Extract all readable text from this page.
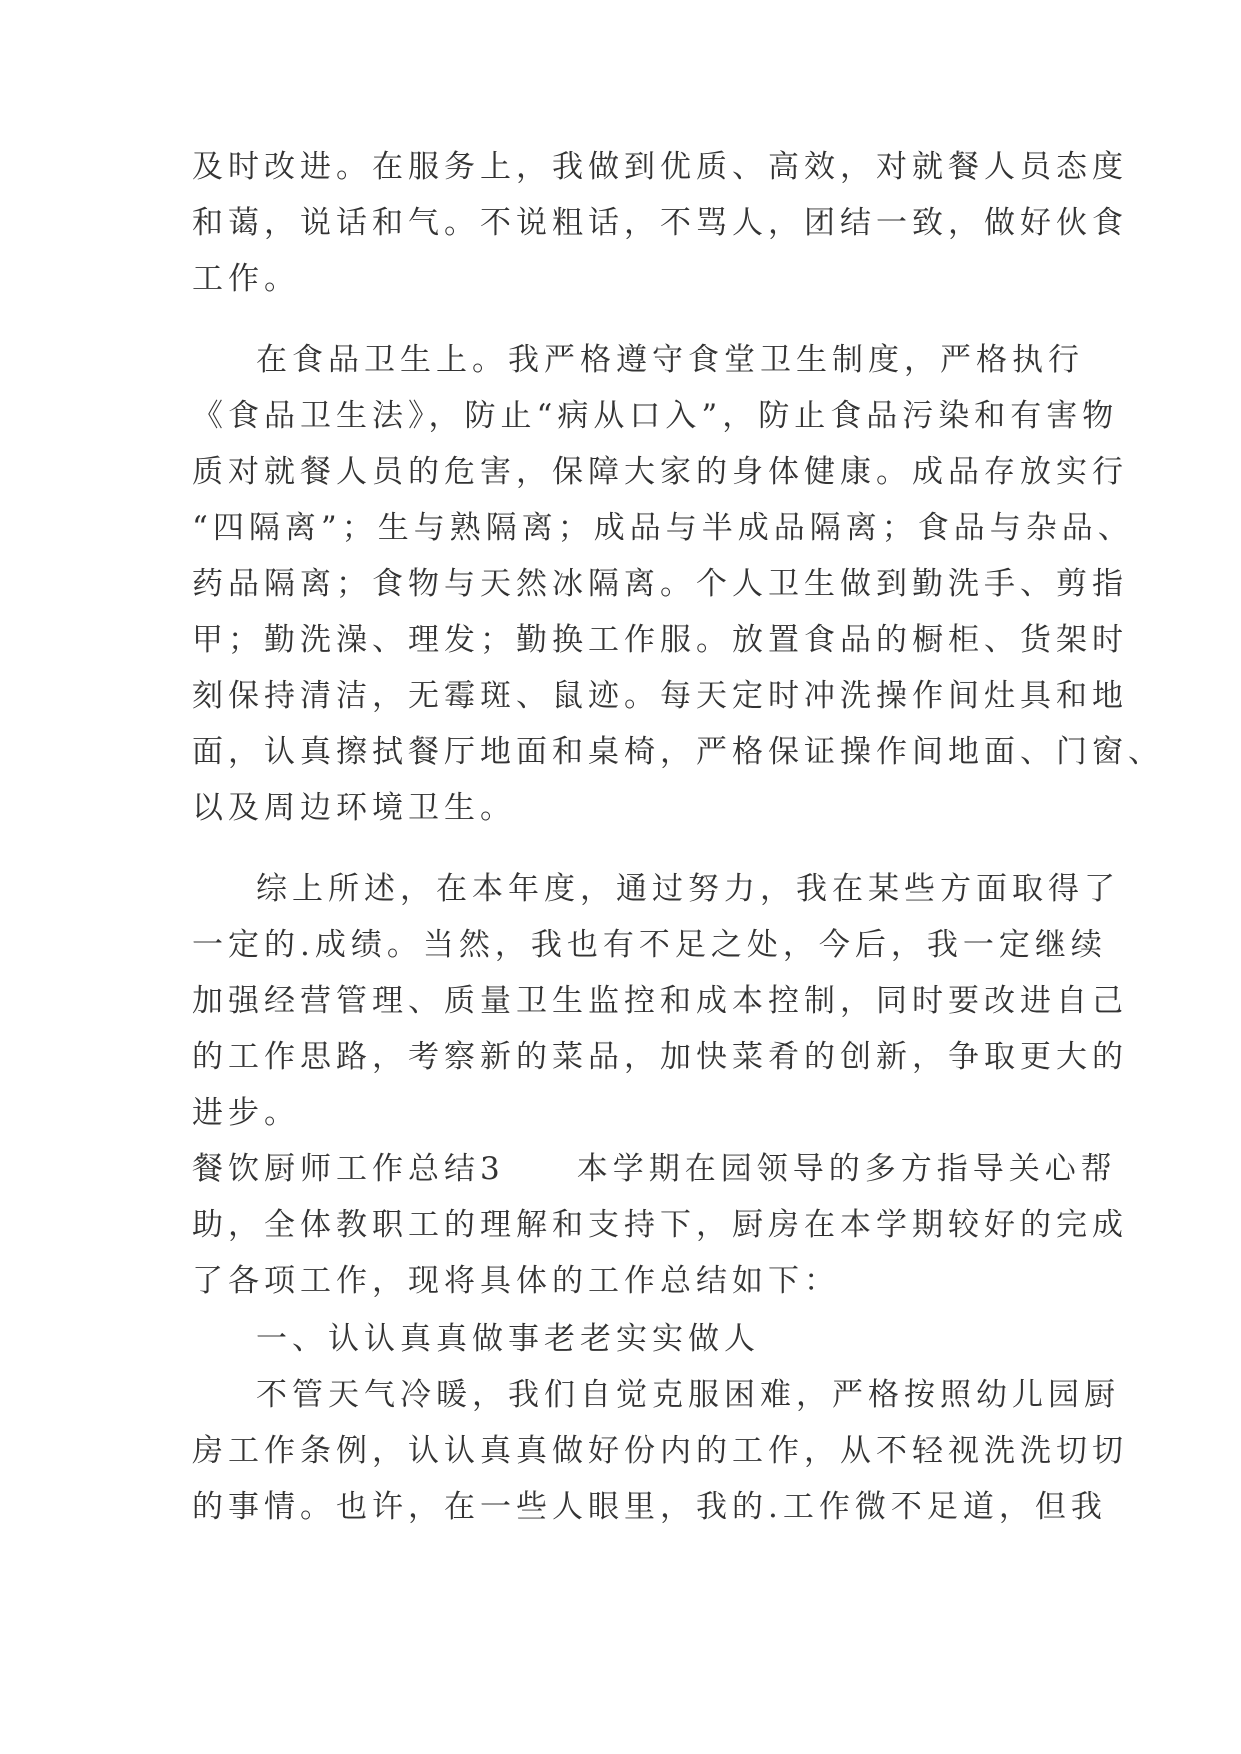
及时改进。在服务上，我做到优质、高效，对就餐人员态度
和蔼，说话和气。不说粗话，不骂人，团结一致，做好伙食
工作。
在食品卫生上。我严格遵守食堂卫生制度，严格执行
《食品卫生法》，防止“病从口入”，防止食品污染和有害物
质对就餐人员的危害，保障大家的身体健康。成品存放实行
“四隔离”；生与熟隔离；成品与半成品隔离；食品与杂品、
药品隔离；食物与天然冰隔离。个人卫生做到勤洗手、剪指
甲；勤洗澡、理发；勤换工作服。放置食品的橱柜、货架时
刻保持清洁，无霉斑、鼠迹。每天定时冲洗操作间灶具和地
面，认真擦拭餐厅地面和桌椅，严格保证操作间地面、门窗、
以及周边环境卫生。
综上所述，在本年度，通过努力，我在某些方面取得了
一定的.成绩。当然，我也有不足之处，今后，我一定继续
加强经营管理、质量卫生监控和成本控制，同时要改进自己
的工作思路，考察新的菜品，加快菜肴的创新，争取更大的
进步。
餐饮厨师工作总结3　　本学期在园领导的多方指导关心帮
助，全体教职工的理解和支持下，厨房在本学期较好的完成
了各项工作，现将具体的工作总结如下：
一、认认真真做事老老实实做人
不管天气冷暖，我们自觉克服困难，严格按照幼儿园厨
房工作条例，认认真真做好份内的工作，从不轻视洗洗切切
的事情。也许，在一些人眼里，我的.工作微不足道，但我
